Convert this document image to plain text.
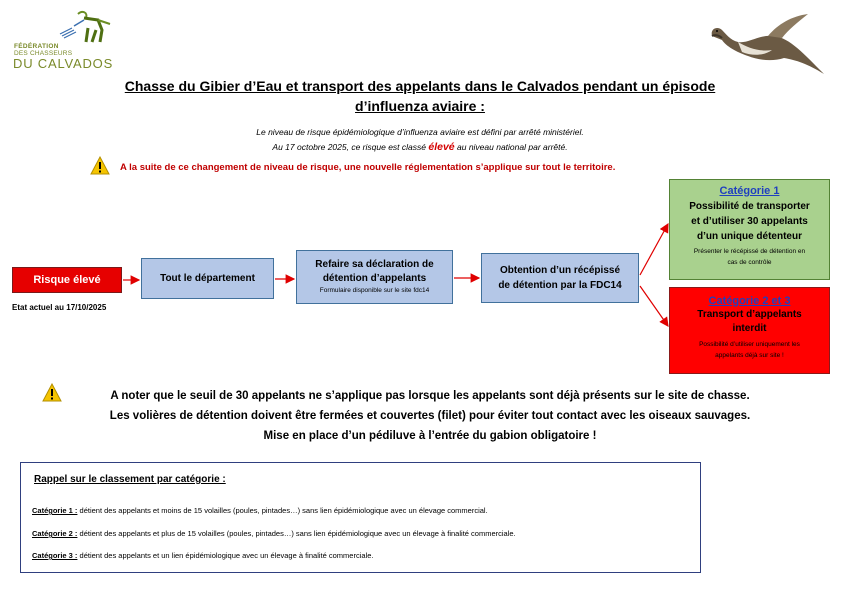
FÉDÉRATION
DES CHASSEURS
DU CALVADOS
Chasse du Gibier d’Eau et transport des appelants dans le Calvados pendant un épisode
d’influenza aviaire :
Le niveau de risque épidémiologique d’influenza aviaire est défini par arrêté ministériel.
Au 17 octobre 2025, ce risque est classé élevé au niveau national par arrêté.
A la suite de ce changement de niveau de risque, une nouvelle réglementation s’applique sur tout le territoire.
Risque élevé
Etat actuel au 17/10/2025
Tout le département
Refaire sa déclaration de
détention d’appelants
Formulaire disponible sur le site fdc14
Obtention d’un récépissé
de détention par la FDC14
Catégorie 1
Possibilité de transporter
et d’utiliser 30 appelants
d’un unique détenteur
Présenter le récépissé de détention en
cas de contrôle
Catégorie 2 et 3
Transport d’appelants
interdit
Possibilité d’utiliser uniquement les
appelants déjà sur site !
A noter que le seuil de 30 appelants ne s’applique pas lorsque les appelants sont déjà présents sur le site de chasse.
Les volières de détention doivent être fermées et couvertes (filet) pour éviter tout contact avec les oiseaux sauvages.
Mise en place d’un pédiluve à l’entrée du gabion obligatoire !
Rappel sur le classement par catégorie :
Catégorie 1 : détient des appelants et moins de 15 volailles (poules, pintades…) sans lien épidémiologique avec un élevage commercial.
Catégorie 2 : détient des appelants et plus de 15 volailles (poules, pintades…) sans lien épidémiologique avec un élevage à finalité commerciale.
Catégorie 3 : détient des appelants et un lien épidémiologique avec un élevage à finalité commerciale.
